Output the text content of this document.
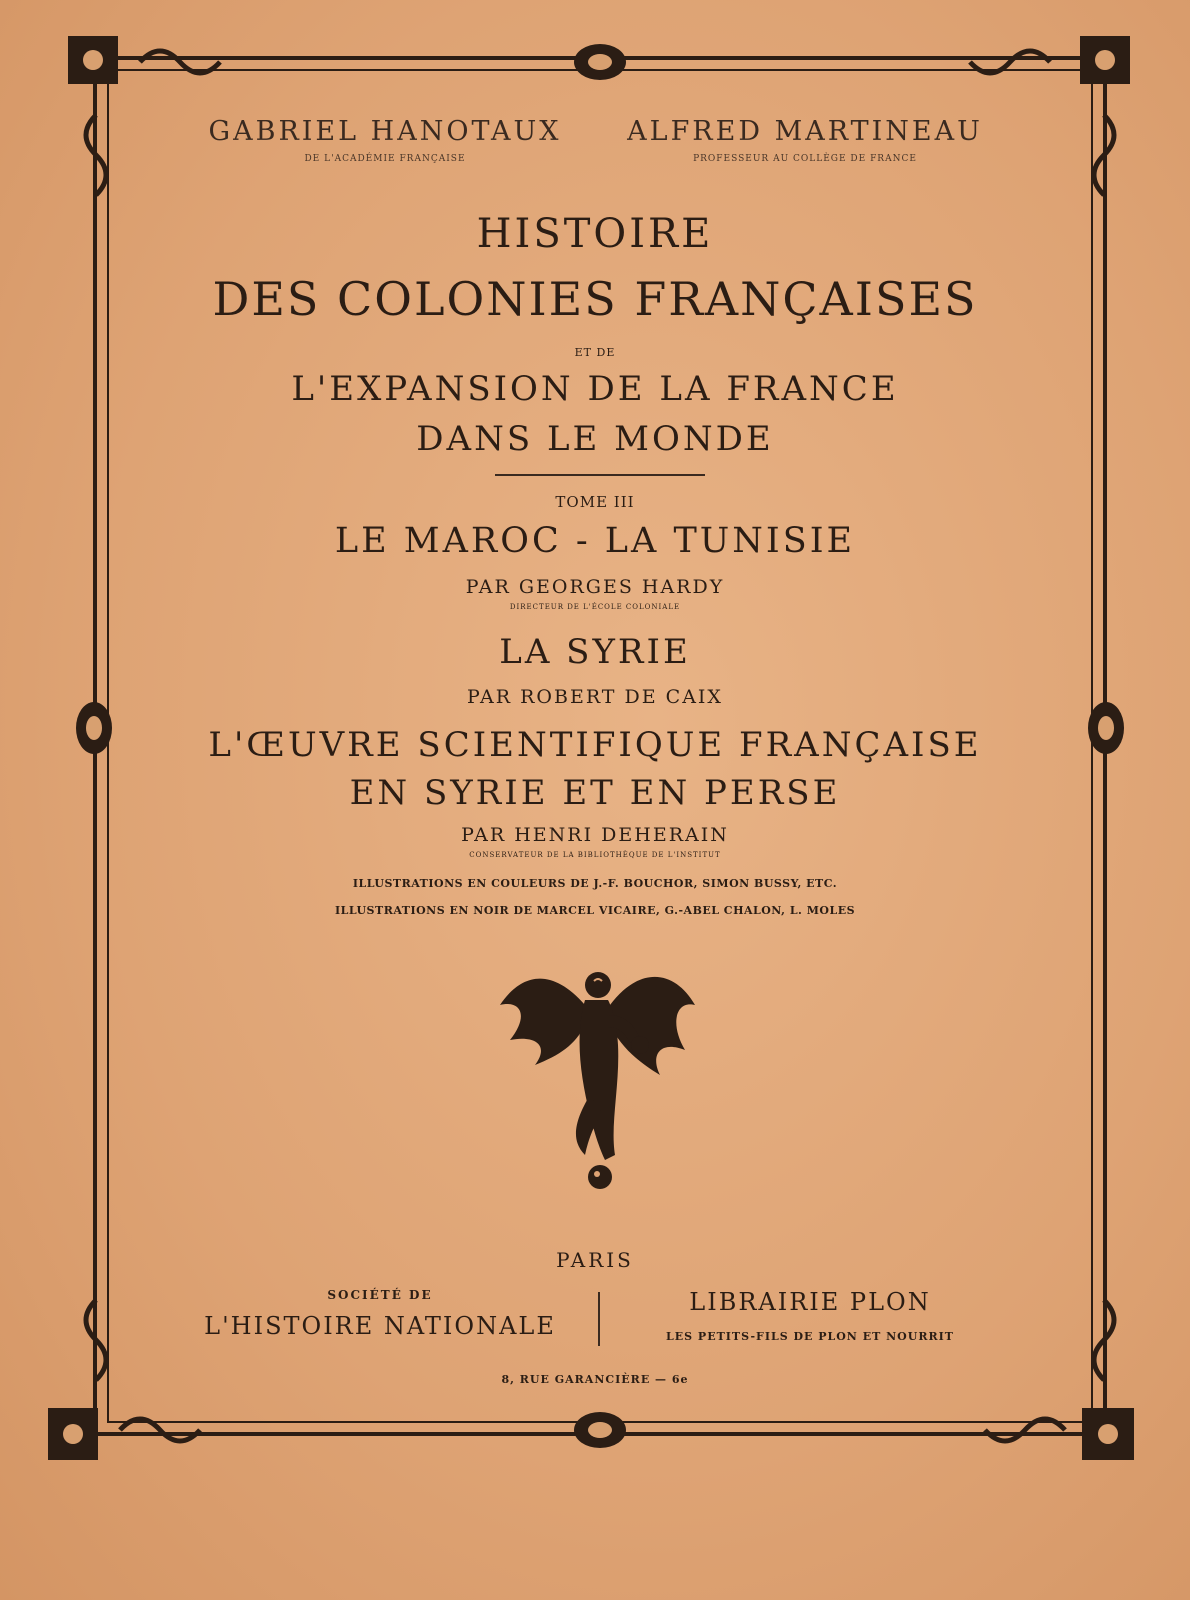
GABRIEL HANOTAUX
DE L'ACADÉMIE FRANÇAISE
ALFRED MARTINEAU
PROFESSEUR AU COLLÈGE DE FRANCE

HISTOIRE

DES COLONIES FRANÇAISES

ET DE

L'EXPANSION DE LA FRANCE

DANS LE MONDE

TOME III

LE MAROC - LA TUNISIE

PAR GEORGES HARDY

DIRECTEUR DE L'ÉCOLE COLONIALE

LA SYRIE

PAR ROBERT DE CAIX

L'ŒUVRE SCIENTIFIQUE FRANÇAISE

EN SYRIE ET EN PERSE

PAR HENRI DEHERAIN

CONSERVATEUR DE LA BIBLIOTHÈQUE DE L'INSTITUT

ILLUSTRATIONS EN COULEURS DE J.-F. BOUCHOR, SIMON BUSSY, ETC.

ILLUSTRATIONS EN NOIR DE MARCEL VICAIRE, G.-ABEL CHALON, L. MOLES

PARIS

SOCIÉTÉ DE
L'HISTOIRE NATIONALE
LIBRAIRIE PLON
LES PETITS-FILS DE PLON ET NOURRIT

8, RUE GARANCIÈRE — 6e
